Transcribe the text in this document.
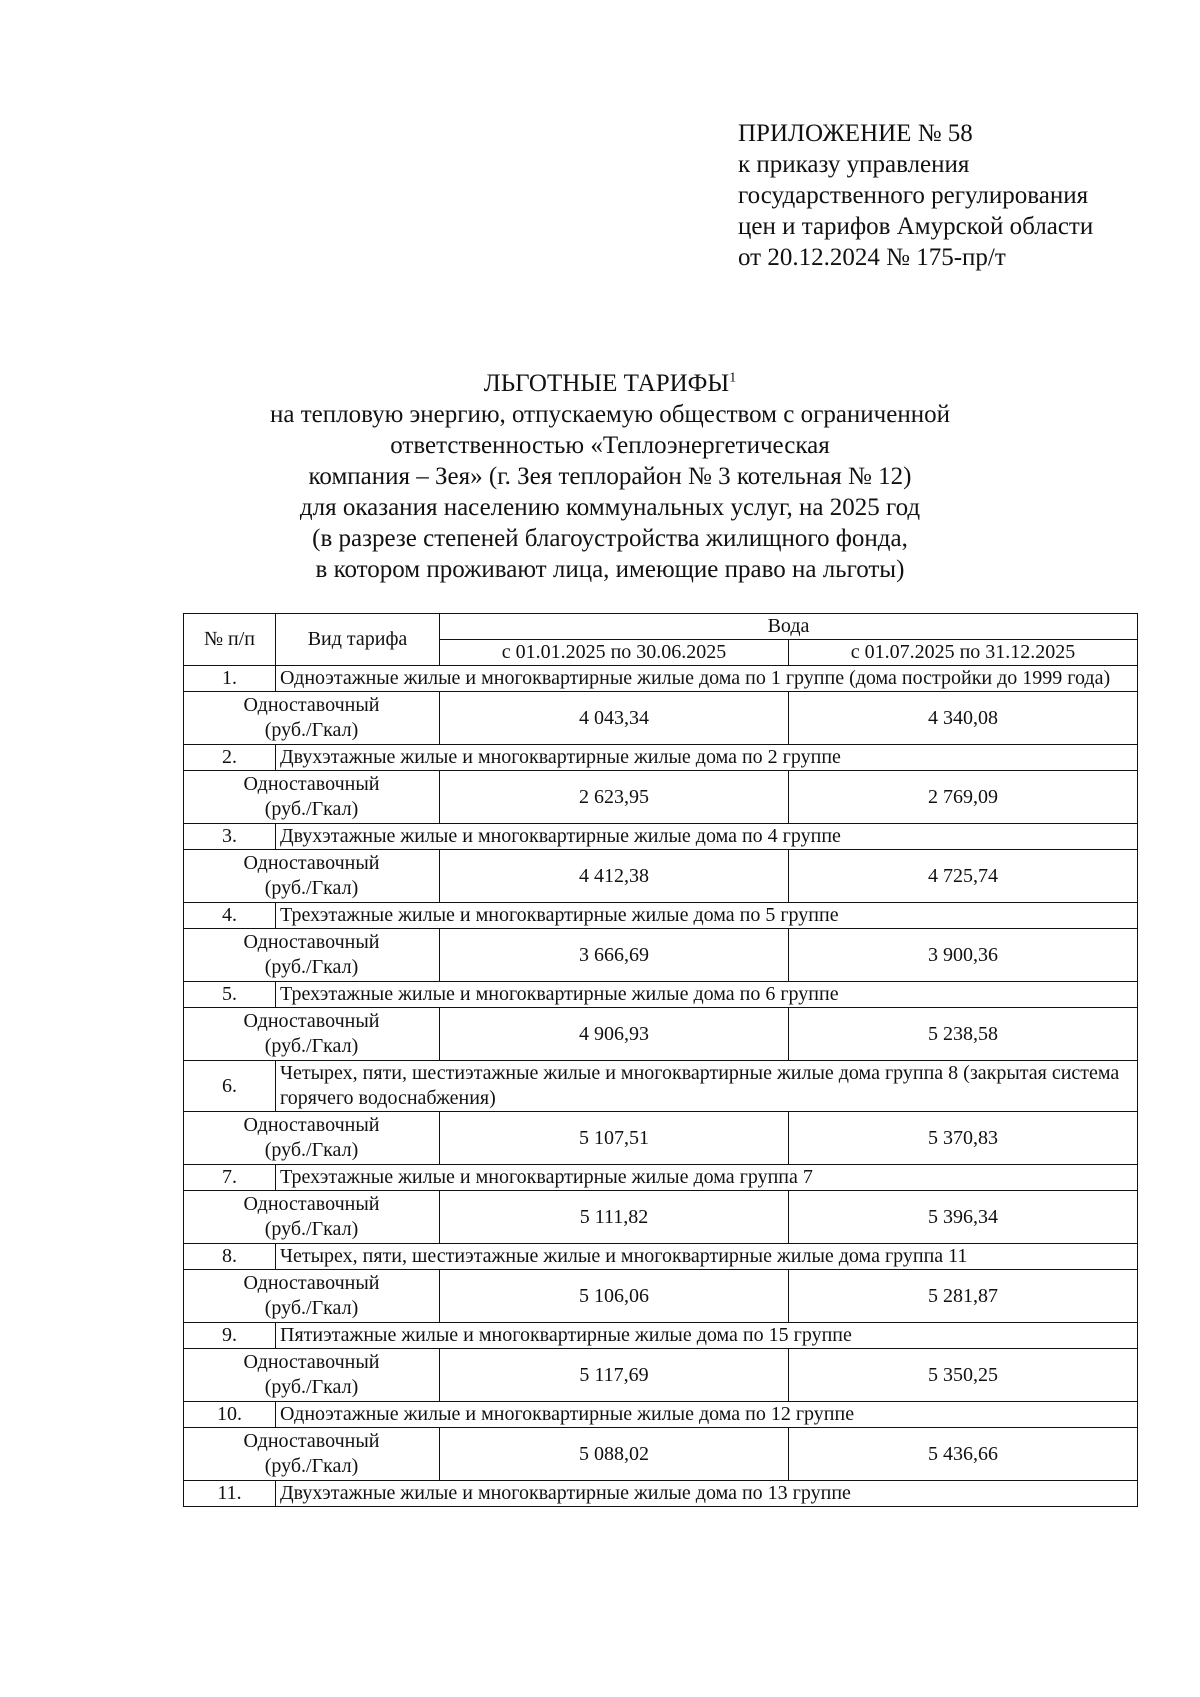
ПРИЛОЖЕНИЕ № 58
к приказу управления
государственного регулирования
цен и тарифов Амурской области
от 20.12.2024 № 175-пр/т
ЛЬГОТНЫЕ ТАРИФЫ$^1$
на тепловую энергию, отпускаемую обществом с ограниченной
ответственностью «Теплоэнергетическая
компания – Зея» (г. Зея теплорайон № 3 котельная № 12)
для оказания населению коммунальных услуг, на 2025 год
(в разрезе степеней благоустройства жилищного фонда,
в котором проживают лица, имеющие право на льготы)
№ п/п	Вид тарифа	Вода	
		с 01.01.2025 по 30.06.2025	с 01.07.2025 по 31.12.2025
1.	Одноэтажные жилые и многоквартирные жилые дома по 1 группе (дома постройки до 1999 года)		

Одноставочный
(руб./Гкал)		4 043,34	4 340,08
2.	Двухэтажные жилые и многоквартирные жилые дома по 2 группе		

Одноставочный
(руб./Гкал)		2 623,95	2 769,09
3.	Двухэтажные жилые и многоквартирные жилые дома по 4 группе		

Одноставочный
(руб./Гкал)		4 412,38	4 725,74
4.	Трехэтажные жилые и многоквартирные жилые дома по 5 группе		

Одноставочный
(руб./Гкал)		3 666,69	3 900,36
5.	Трехэтажные жилые и многоквартирные жилые дома по 6 группе		

Одноставочный
(руб./Гкал)		4 906,93	5 238,58
6.	Четырех, пяти, шестиэтажные жилые и многоквартирные жилые дома группа 8 (закрытая система горячего водоснабжения)		

Одноставочный
(руб./Гкал)		5 107,51	5 370,83
7.	Трехэтажные жилые и многоквартирные жилые дома группа 7		

Одноставочный
(руб./Гкал)		5 111,82	5 396,34
8.	Четырех, пяти, шестиэтажные жилые и многоквартирные жилые дома группа 11		

Одноставочный
(руб./Гкал)		5 106,06	5 281,87
9.	Пятиэтажные жилые и многоквартирные жилые дома по 15 группе		

Одноставочный
(руб./Гкал)		5 117,69	5 350,25
10.	Одноэтажные жилые и многоквартирные жилые дома по 12 группе		

Одноставочный
(руб./Гкал)		5 088,02	5 436,66
11.	Двухэтажные жилые и многоквартирные жилые дома по 13 группе		
